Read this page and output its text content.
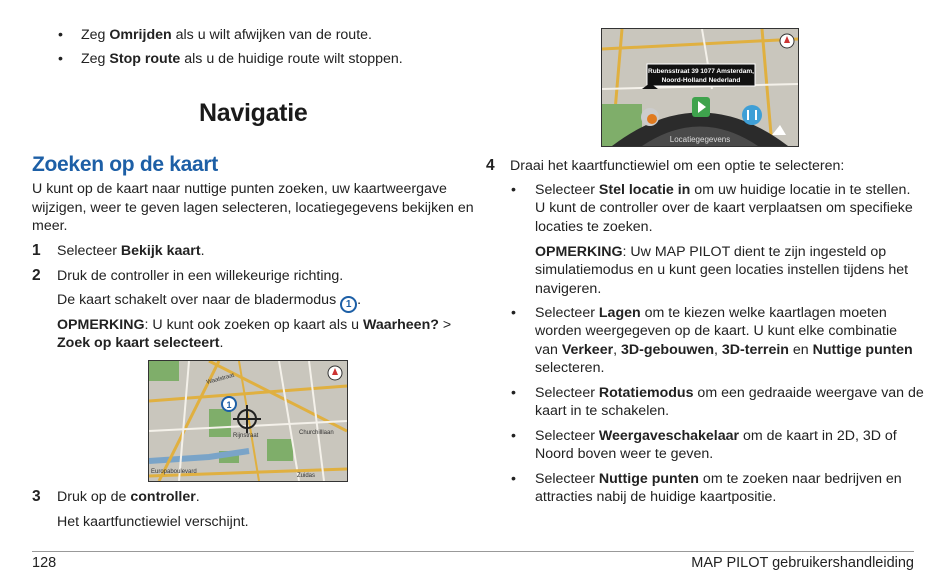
• Zeg Omrijden als u wilt afwijken van de route.
• Zeg Stop route als u de huidige route wilt stoppen.
Navigatie
Zoeken op de kaart
U kunt op de kaart naar nuttige punten zoeken, uw kaartweergave
wijzigen, weer te geven lagen selecteren, locatiegegevens bekijken en
meer.
1 Selecteer Bekijk kaart.
2 Druk de controller in een willekeurige richting.
De kaart schakelt over naar de bladermodus 1 .
OPMERKING: U kunt ook zoeken op kaart als u Waarheen? >
Zoek op kaart selecteert.
1
Waalstraat
Rijnstraat	Churchilllaan
Zuidas
Europaboulevard
3 Druk op de controller.
Het kaartfunctiewiel verschijnt.
Rubensstraat 39 1077 Amsterdam,
Noord-Holland Nederland
Locatiegegevens
4 Draai het kaartfunctiewiel om een optie te selecteren:
• Selecteer Stel locatie in om uw huidige locatie in te stellen.
U kunt de controller over de kaart verplaatsen om specifieke
locaties te zoeken.
OPMERKING: Uw MAP PILOT dient te zijn ingesteld op
simulatiemodus en u kunt geen locaties instellen tijdens het
navigeren.
• Selecteer Lagen om te kiezen welke kaartlagen moeten
worden weergegeven op de kaart. U kunt elke combinatie
van Verkeer, 3D-gebouwen, 3D-terrein en Nuttige punten
selecteren.
• Selecteer Rotatiemodus om een gedraaide weergave van de
kaart in te schakelen.
• Selecteer Weergaveschakelaar om de kaart in 2D, 3D of
Noord boven weer te geven.
• Selecteer Nuttige punten om te zoeken naar bedrijven en
attracties nabij de huidige kaartpositie.
128	MAP PILOT gebruikershandleiding
